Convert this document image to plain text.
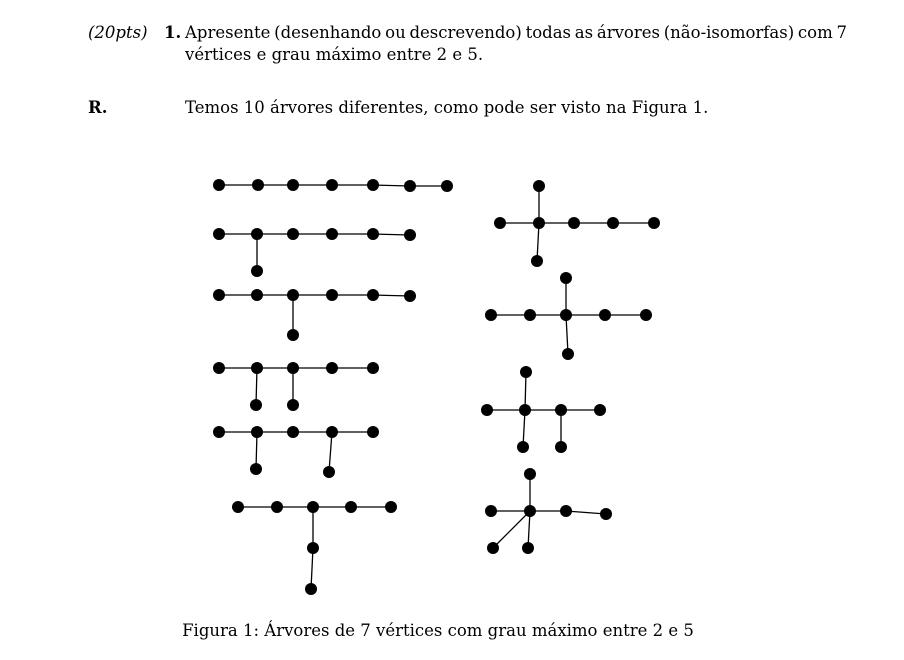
(20pts) 1. Apresente (desenhando ou descrevendo) todas as árvores (não-isomorfas) com 7
vértices e grau máximo entre 2 e 5.
R.	Temos 10 árvores diferentes, como pode ser visto na Figura 1.
Figura 1: Árvores de 7 vértices com grau máximo entre 2 e 5
